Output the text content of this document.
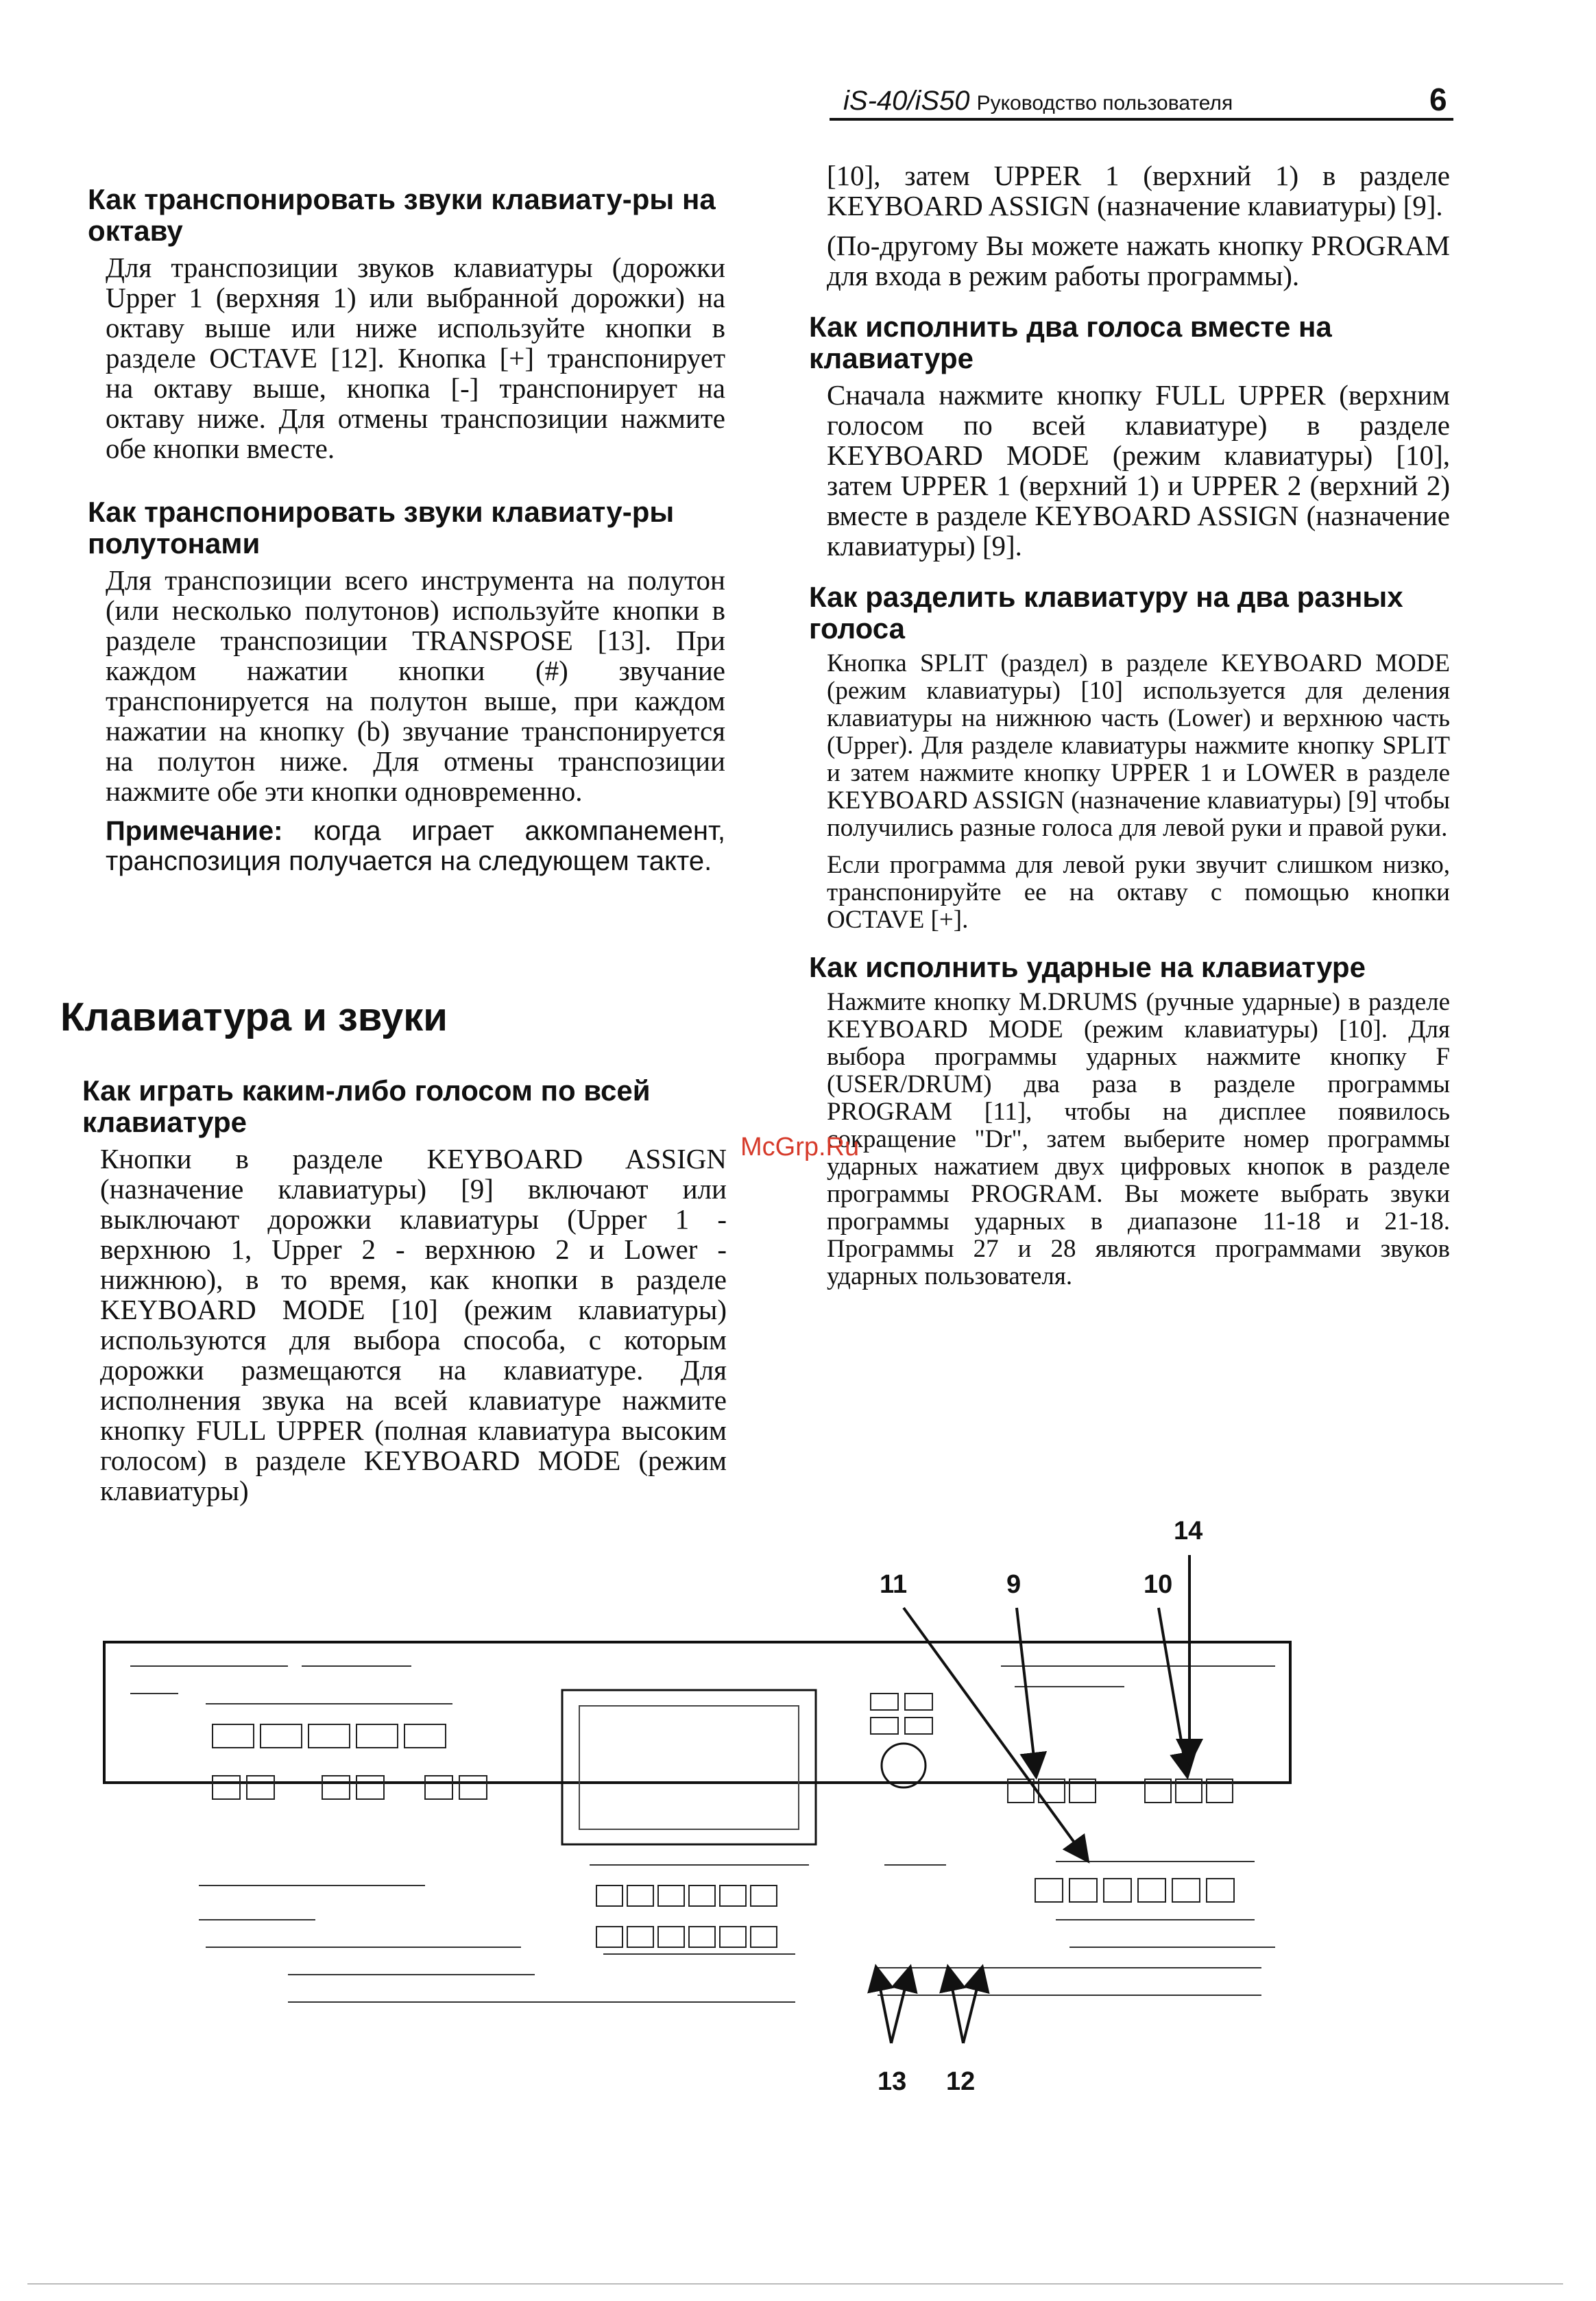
iS-40/iS50 Руководство пользователя	6
Как транспонировать звуки клавиату-ры на октаву

Для транспозиции звуков клавиатуры (дорожки Upper 1 (верхняя 1) или выбранной дорожки) на октаву выше или ниже используйте кнопки в разделе OCTAVE [12]. Кнопка [+] транспонирует на октаву выше, кнопка [-] транспонирует на октаву ниже. Для отмены транспозиции нажмите обе кнопки вместе.

Как транспонировать звуки клавиату-ры полутонами

Для транспозиции всего инструмента на полутон (или несколько полутонов) используйте кнопки в разделе транспозиции TRANSPOSE [13]. При каждом нажатии кнопки (#) звучание транспонируется на полутон выше, при каждом нажатии на кнопку (b) звучание транспонируется на полутон ниже. Для отмены транспозиции нажмите обе эти кнопки одновременно.

Примечание: когда играет аккомпанемент, транспозиция получается на следующем такте.

Клавиатура и звуки
Как играть каким-либо голосом по всей клавиатуре

Кнопки в разделе KEYBOARD ASSIGN (назначение клавиатуры) [9] включают или выключают дорожки клавиатуры (Upper 1 - верхнюю 1, Upper 2 - верхнюю 2 и Lower - нижнюю), в то время, как кнопки в разделе KEYBOARD MODE [10] (режим клавиатуры) используются для выбора способа, с которым дорожки размещаются на клавиатуре. Для исполнения звука на всей клавиатуре нажмите кнопку FULL UPPER (полная клавиатура высоким голосом) в разделе KEYBOARD MODE (режим клавиатуры)

[10], затем UPPER 1 (верхний 1) в разделе KEYBOARD ASSIGN (назначение клавиатуры) [9].

(По-другому Вы можете нажать кнопку PROGRAM для входа в режим работы программы).

Как исполнить два голоса вместе на клавиатуре

Сначала нажмите кнопку FULL UPPER (верхним голосом по всей клавиатуре) в разделе KEYBOARD MODE (режим клавиатуры) [10], затем UPPER 1 (верхний 1) и UPPER 2 (верхний 2) вместе в разделе KEYBOARD ASSIGN (назначение клавиатуры) [9].

Как разделить клавиатуру на два разных голоса

Кнопка SPLIT (раздел) в разделе KEYBOARD MODE (режим клавиатуры) [10] используется для деления клавиатуры на нижнюю часть (Lower) и верхнюю часть (Upper). Для разделе клавиатуры нажмите кнопку SPLIT и затем нажмите кнопку UPPER 1 и LOWER в разделе KEYBOARD ASSIGN (назначение клавиатуры) [9] чтобы получились разные голоса для левой руки и правой руки.

Если программа для левой руки звучит слишком низко, транспонируйте ее на октаву с помощью кнопки OCTAVE [+].

Как исполнить ударные на клавиатуре

Нажмите кнопку M.DRUMS (ручные ударные) в разделе KEYBOARD MODE (режим клавиатуры) [10]. Для выбора программы ударных нажмите кнопку F (USER/DRUM) два раза в разделе программы PROGRAM [11], чтобы на дисплее появилось сокращение "Dr", затем выберите номер программы ударных нажатием двух цифровых кнопок в разделе программы PROGRAM. Вы можете выбрать звуки программы ударных в диапазоне 11-18 и 21-18. Программы 27 и 28 являются программами звуков ударных пользователя.

McGrp.Ru
11	9	10
14
13 12
